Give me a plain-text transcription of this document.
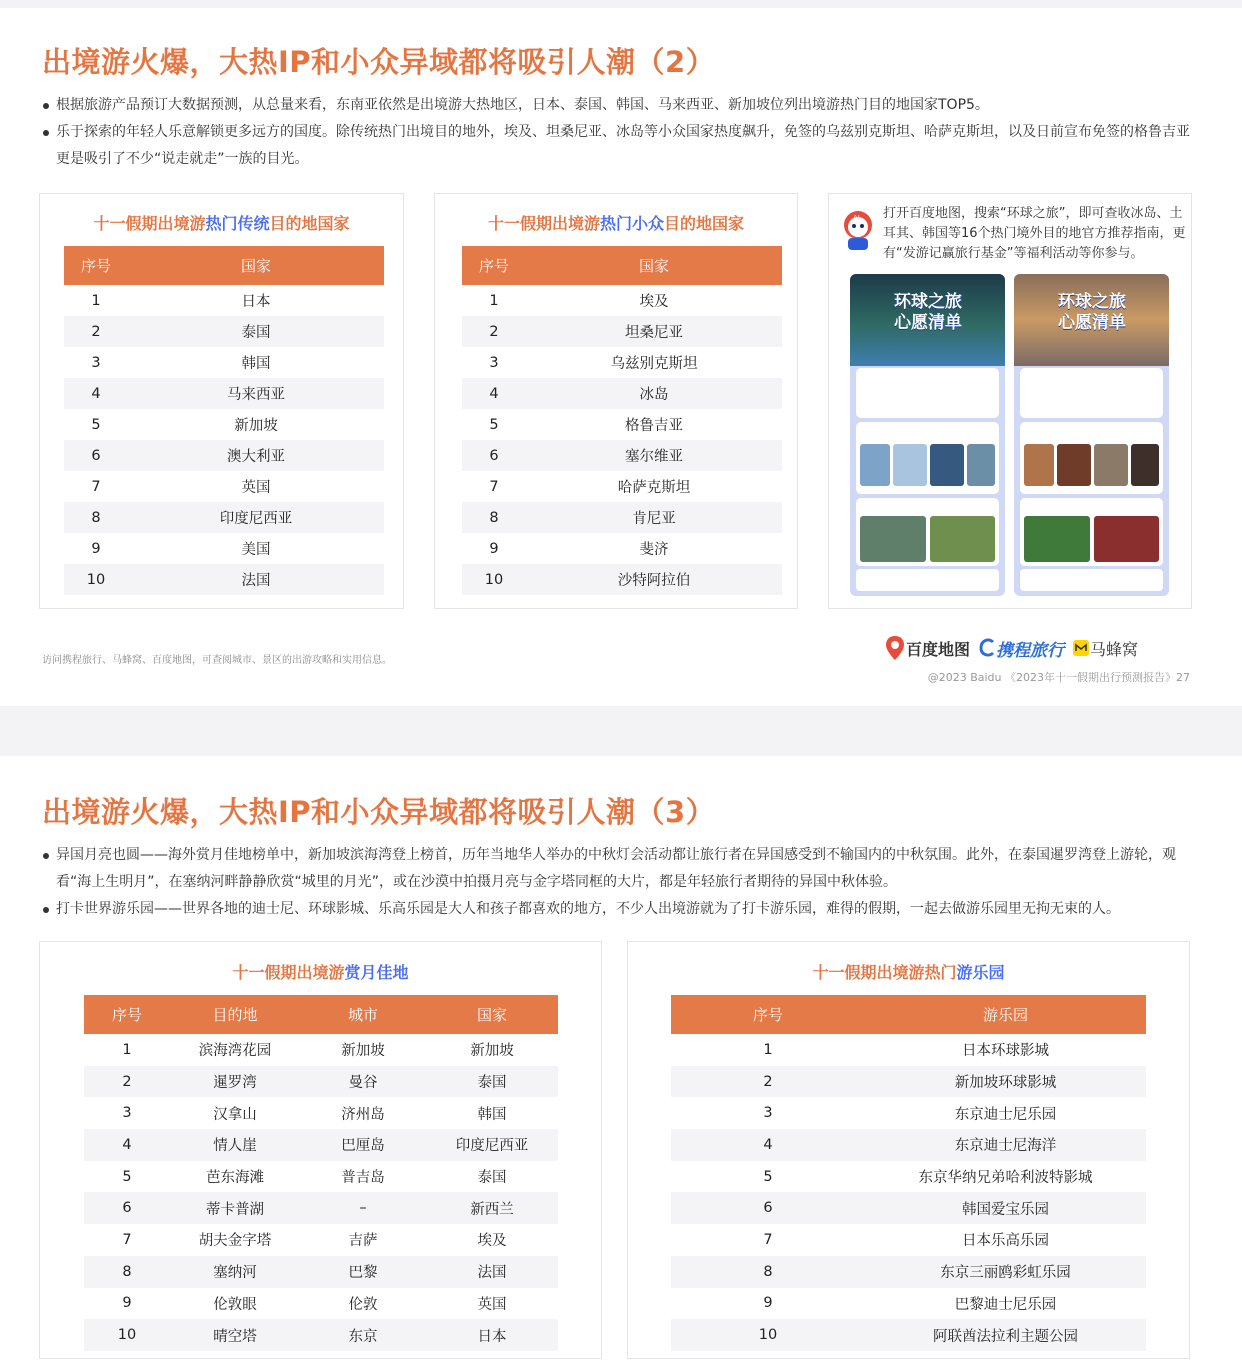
出境游火爆，大热IP和小众异域都将吸引人潮（2）
根据旅游产品预订大数据预测，从总量来看，东南亚依然是出境游大热地区，日本、泰国、韩国、马来西亚、新加坡位列出境游热门目的地国家TOP5。
乐于探索的年轻人乐意解锁更多远方的国度。除传统热门出境目的地外，埃及、坦桑尼亚、冰岛等小众国家热度飙升，免签的乌兹别克斯坦、哈萨克斯坦，以及日前宣布免签的格鲁吉亚更是吸引了不少“说走就走”一族的目光。
十一假期出境游热门传统目的地国家
序号	国家
1	日本
2	泰国
3	韩国
4	马来西亚
5	新加坡
6	澳大利亚
7	英国
8	印度尼西亚
9	美国
10	法国
十一假期出境游热门小众目的地国家
序号	国家
1	埃及
2	坦桑尼亚
3	乌兹别克斯坦
4	冰岛
5	格鲁吉亚
6	塞尔维亚
7	哈萨克斯坦
8	肯尼亚
9	斐济
10	沙特阿拉伯
AI 打开百度地图，搜索“环球之旅”，即可查收冰岛、土耳其、韩国等16个热门境外目的地官方推荐指南，更有“发游记赢旅行基金”等福利活动等你参与。
环球之旅
心愿清单
环球之旅
心愿清单
访问携程旅行、马蜂窝、百度地图，可查阅城市、景区的出游攻略和实用信息。
百度地图 携程旅行 马蜂窝
@2023 Baidu 《2023年十一假期出行预测报告》27
出境游火爆，大热IP和小众异域都将吸引人潮（3）
异国月亮也圆——海外赏月佳地榜单中，新加坡滨海湾登上榜首，历年当地华人举办的中秋灯会活动都让旅行者在异国感受到不输国内的中秋氛围。此外，在泰国暹罗湾登上游轮，观看“海上生明月”，在塞纳河畔静静欣赏“城里的月光”，或在沙漠中拍摄月亮与金字塔同框的大片，都是年轻旅行者期待的异国中秋体验。
打卡世界游乐园——世界各地的迪士尼、环球影城、乐高乐园是大人和孩子都喜欢的地方，不少人出境游就为了打卡游乐园，难得的假期，一起去做游乐园里无拘无束的人。
十一假期出境游赏月佳地
序号	目的地	城市	国家
1	滨海湾花园	新加坡	新加坡
2	暹罗湾	曼谷	泰国
3	汉拿山	济州岛	韩国
4	情人崖	巴厘岛	印度尼西亚
5	芭东海滩	普吉岛	泰国
6	蒂卡普湖	–	新西兰
7	胡夫金字塔	吉萨	埃及
8	塞纳河	巴黎	法国
9	伦敦眼	伦敦	英国
10	晴空塔	东京	日本
十一假期出境游热门游乐园
序号	游乐园
1	日本环球影城
2	新加坡环球影城
3	东京迪士尼乐园
4	东京迪士尼海洋
5	东京华纳兄弟哈利波特影城
6	韩国爱宝乐园
7	日本乐高乐园
8	东京三丽鸥彩虹乐园
9	巴黎迪士尼乐园
10	阿联酋法拉利主题公园
